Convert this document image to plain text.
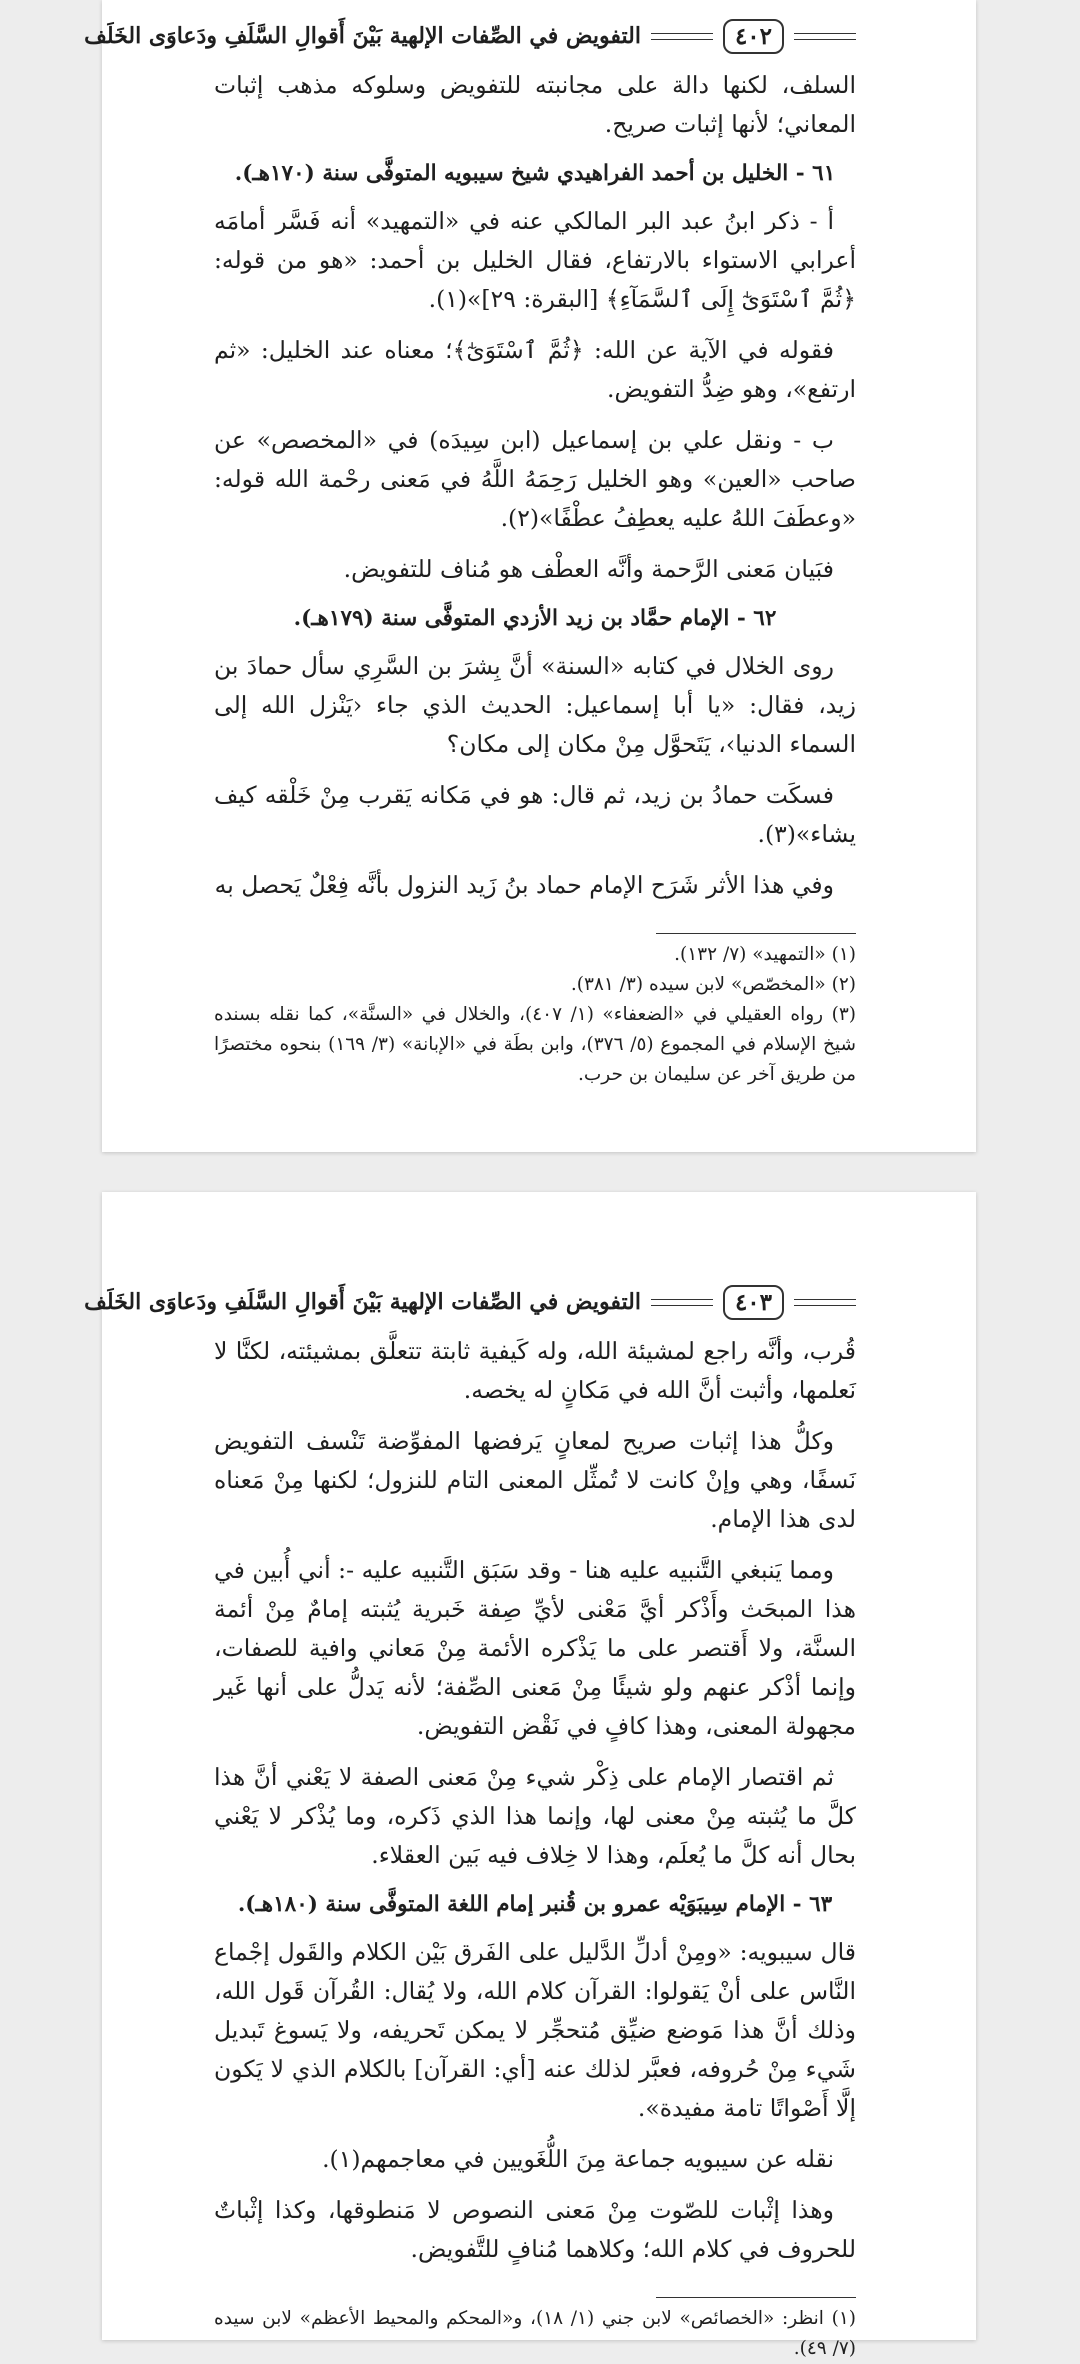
٤٠٢
التفويض في الصِّفات الإلهية بَيْنَ أَقوالِ السَّلَفِ ودَعاوَى الخَلَف

السلف، لكنها دالة على مجانبته للتفويض وسلوكه مذهب إثبات المعاني؛ لأنها إثبات صريح.

٦١ - الخليل بن أحمد الفراهيدي شيخ سيبويه المتوفَّى سنة (١٧٠هـ).

أ - ذكر ابنُ عبد البر المالكي عنه في «التمهيد» أنه فَسَّر أمامَه أعرابي الاستواء بالارتفاع، فقال الخليل بن أحمد: «هو من قوله: ﴿ثُمَّ ٱسْتَوَىٰٓ إِلَى ٱلسَّمَآءِ﴾ [البقرة: ٢٩]»(١).

فقوله في الآية عن الله: ﴿ثُمَّ ٱسْتَوَىٰٓ﴾؛ معناه عند الخليل: «ثم ارتفع»، وهو ضِدُّ التفويض.

ب - ونقل علي بن إسماعيل (ابن سِيدَه) في «المخصص» عن صاحب «العين» وهو الخليل رَحِمَهُ اللَّهُ في مَعنى رحْمة الله قوله: «وعطَفَ اللهُ عليه يعطِفُ عطْفًا»(٢).

فبَيان مَعنى الرَّحمة وأنَّه العطْف هو مُناف للتفويض.

٦٢ - الإمام حمَّاد بن زيد الأزدي المتوفَّى سنة (١٧٩هـ).

روى الخلال في كتابه «السنة» أنَّ بِشرَ بن السَّرِي سأل حمادَ بن زيد، فقال: «يا أبا إسماعيل: الحديث الذي جاء ‹يَنْزل الله إلى السماء الدنيا›، يَتَحوَّل مِنْ مكان إلى مكان؟

فسكَت حمادُ بن زيد، ثم قال: هو في مَكانه يَقرب مِنْ خَلْقه كيف يشاء»(٣).

وفي هذا الأثر شَرَح الإمام حماد بنُ زَيد النزول بأنَّه فِعْلٌ يَحصل به

(١) «التمهيد» (٧/ ١٣٢).

(٢) «المخصّص» لابن سيده (٣/ ٣٨١).

(٣) رواه العقيلي في «الضعفاء» (١/ ٤٠٧)، والخلال في «السنَّة»، كما نقله بسنده شيخ الإسلام في المجموع (٥/ ٣٧٦)، وابن بطَة في «الإبانة» (٣/ ١٦٩) بنحوه مختصرًا من طريق آخر عن سليمان بن حرب.

٤٠٣
التفويض في الصِّفات الإلهية بَيْنَ أَقوالِ السَّلَفِ ودَعاوَى الخَلَف

قُرب، وأنَّه راجع لمشيئة الله، وله كَيفية ثابتة تتعلَّق بمشيئته، لكنَّا لا نَعلمها، وأثبت أنَّ الله في مَكانٍ له يخصه.

وكلُّ هذا إثبات صريح لمعانٍ يَرفضها المفوِّضة تَنْسف التفويض نَسفًا، وهي وإنْ كانت لا تُمثِّل المعنى التام للنزول؛ لكنها مِنْ مَعناه لدى هذا الإمام.

ومما يَنبغي التَّنبيه عليه هنا - وقد سَبَق التَّنبيه عليه -: أني أُبين في هذا المبحَث وأَذْكر أيَّ مَعْنى لأيِّ صِفة خَبرية يُثبته إمامٌ مِنْ أئمة السنَّة، ولا أَقتصر على ما يَذْكره الأئمة مِنْ مَعاني وافية للصفات، وإنما أذْكر عنهم ولو شيئًا مِنْ مَعنى الصِّفة؛ لأنه يَدلُّ على أنها غَير مجهولة المعنى، وهذا كافٍ في نَقْض التفويض.

ثم اقتصار الإمام على ذِكْر شيء مِنْ مَعنى الصفة لا يَعْني أنَّ هذا كلَّ ما يُثبته مِنْ معنى لها، وإنما هذا الذي ذَكره، وما يُذْكر لا يَعْني بحال أنه كلَّ ما يُعلَم، وهذا لا خِلاف فيه بَين العقلاء.

٦٣ - الإمام سِيبَوَيْه عمرو بن قُنبر إمام اللغة المتوفَّى سنة (١٨٠هـ).

قال سيبويه: «ومِنْ أدلِّ الدَّليل على الفَرق بَيْن الكلام والقَول إجْماع النَّاس على أنْ يَقولوا: القرآن كلام الله، ولا يُقال: القُرآن قَول الله، وذلك أنَّ هذا مَوضع ضيِّق مُتحجِّر لا يمكن تَحريفه، ولا يَسوغ تَبديل شَيء مِنْ حُروفه، فعبَّر لذلك عنه [أي: القرآن] بالكلام الذي لا يَكون إلَّا أَصْواتًا تامة مفيدة».

نقله عن سيبويه جماعة مِنَ اللُّغَويين في معاجمهم(١).

وهذا إثْبات للصّوت مِنْ مَعنى النصوص لا مَنطوقها، وكذا إثْباتٌ للحروف في كلام الله؛ وكلاهما مُنافٍ للتَّفويض.

(١) انظر: «الخصائص» لابن جني (١/ ١٨)، و«المحكم والمحيط الأعظم» لابن سيده (٧/ ٤٩).
